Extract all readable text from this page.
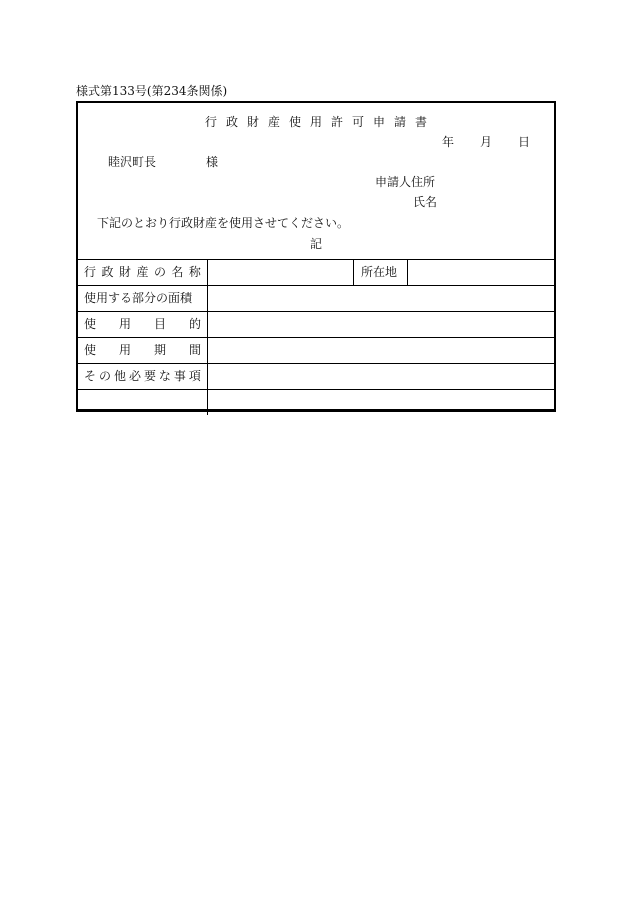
様式第133号(第234条関係)
行政財産使用許可申請書
年 月 日
睦沢町長	様
申請人住所
氏名
下記のとおり行政財産を使用させてください。
記
行 政 財 産 の 名 称	所在地
使用する部分の面積
使 用 目 的
使 用 期 間
そ の 他 必 要 な 事 項
